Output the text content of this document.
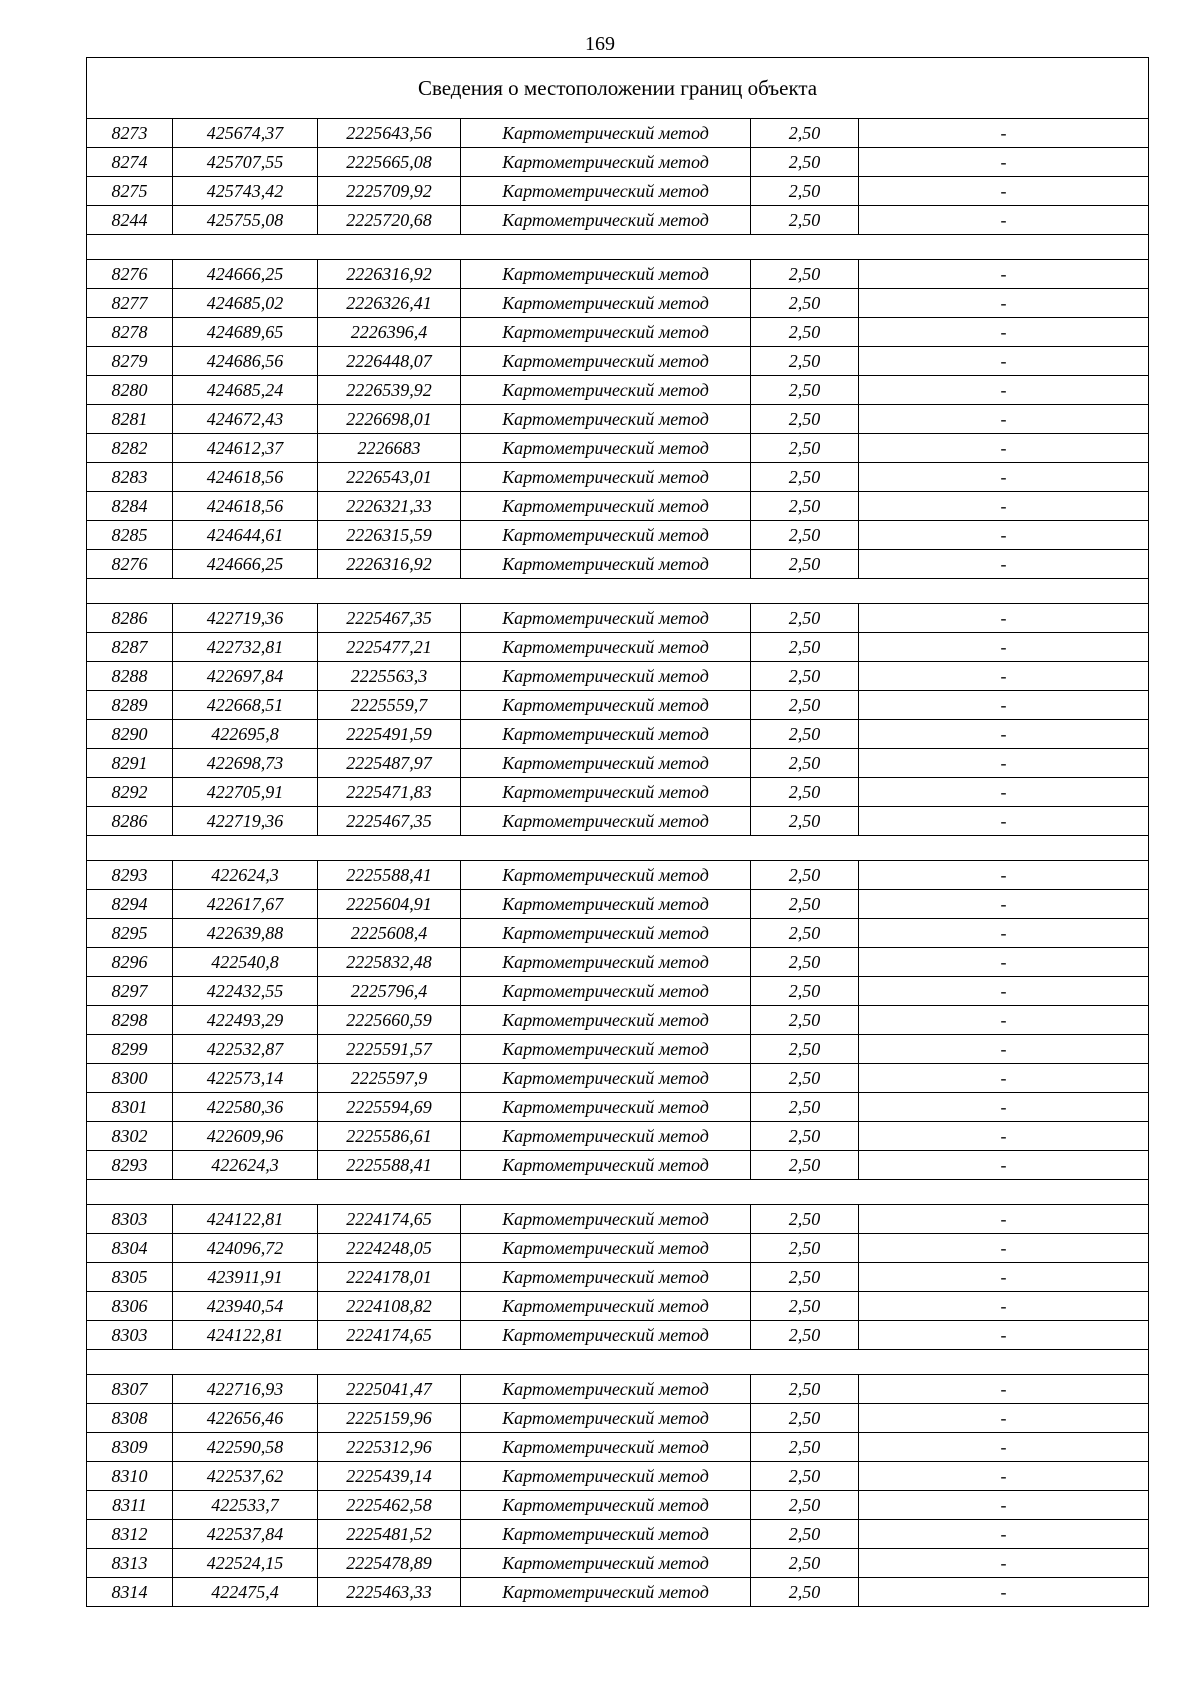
169
Сведения о местоположении границ объекта					
8273	425674,37	2225643,56	Картометрический метод	2,50	-
8274	425707,55	2225665,08	Картометрический метод	2,50	-
8275	425743,42	2225709,92	Картометрический метод	2,50	-
8244	425755,08	2225720,68	Картометрический метод	2,50	-

8276	424666,25	2226316,92	Картометрический метод	2,50	-
8277	424685,02	2226326,41	Картометрический метод	2,50	-
8278	424689,65	2226396,4	Картометрический метод	2,50	-
8279	424686,56	2226448,07	Картометрический метод	2,50	-
8280	424685,24	2226539,92	Картометрический метод	2,50	-
8281	424672,43	2226698,01	Картометрический метод	2,50	-
8282	424612,37	2226683	Картометрический метод	2,50	-
8283	424618,56	2226543,01	Картометрический метод	2,50	-
8284	424618,56	2226321,33	Картометрический метод	2,50	-
8285	424644,61	2226315,59	Картометрический метод	2,50	-
8276	424666,25	2226316,92	Картометрический метод	2,50	-

8286	422719,36	2225467,35	Картометрический метод	2,50	-
8287	422732,81	2225477,21	Картометрический метод	2,50	-
8288	422697,84	2225563,3	Картометрический метод	2,50	-
8289	422668,51	2225559,7	Картометрический метод	2,50	-
8290	422695,8	2225491,59	Картометрический метод	2,50	-
8291	422698,73	2225487,97	Картометрический метод	2,50	-
8292	422705,91	2225471,83	Картометрический метод	2,50	-
8286	422719,36	2225467,35	Картометрический метод	2,50	-

8293	422624,3	2225588,41	Картометрический метод	2,50	-
8294	422617,67	2225604,91	Картометрический метод	2,50	-
8295	422639,88	2225608,4	Картометрический метод	2,50	-
8296	422540,8	2225832,48	Картометрический метод	2,50	-
8297	422432,55	2225796,4	Картометрический метод	2,50	-
8298	422493,29	2225660,59	Картометрический метод	2,50	-
8299	422532,87	2225591,57	Картометрический метод	2,50	-
8300	422573,14	2225597,9	Картометрический метод	2,50	-
8301	422580,36	2225594,69	Картометрический метод	2,50	-
8302	422609,96	2225586,61	Картометрический метод	2,50	-
8293	422624,3	2225588,41	Картометрический метод	2,50	-

8303	424122,81	2224174,65	Картометрический метод	2,50	-
8304	424096,72	2224248,05	Картометрический метод	2,50	-
8305	423911,91	2224178,01	Картометрический метод	2,50	-
8306	423940,54	2224108,82	Картометрический метод	2,50	-
8303	424122,81	2224174,65	Картометрический метод	2,50	-

8307	422716,93	2225041,47	Картометрический метод	2,50	-
8308	422656,46	2225159,96	Картометрический метод	2,50	-
8309	422590,58	2225312,96	Картометрический метод	2,50	-
8310	422537,62	2225439,14	Картометрический метод	2,50	-
8311	422533,7	2225462,58	Картометрический метод	2,50	-
8312	422537,84	2225481,52	Картометрический метод	2,50	-
8313	422524,15	2225478,89	Картометрический метод	2,50	-
8314	422475,4	2225463,33	Картометрический метод	2,50	-
